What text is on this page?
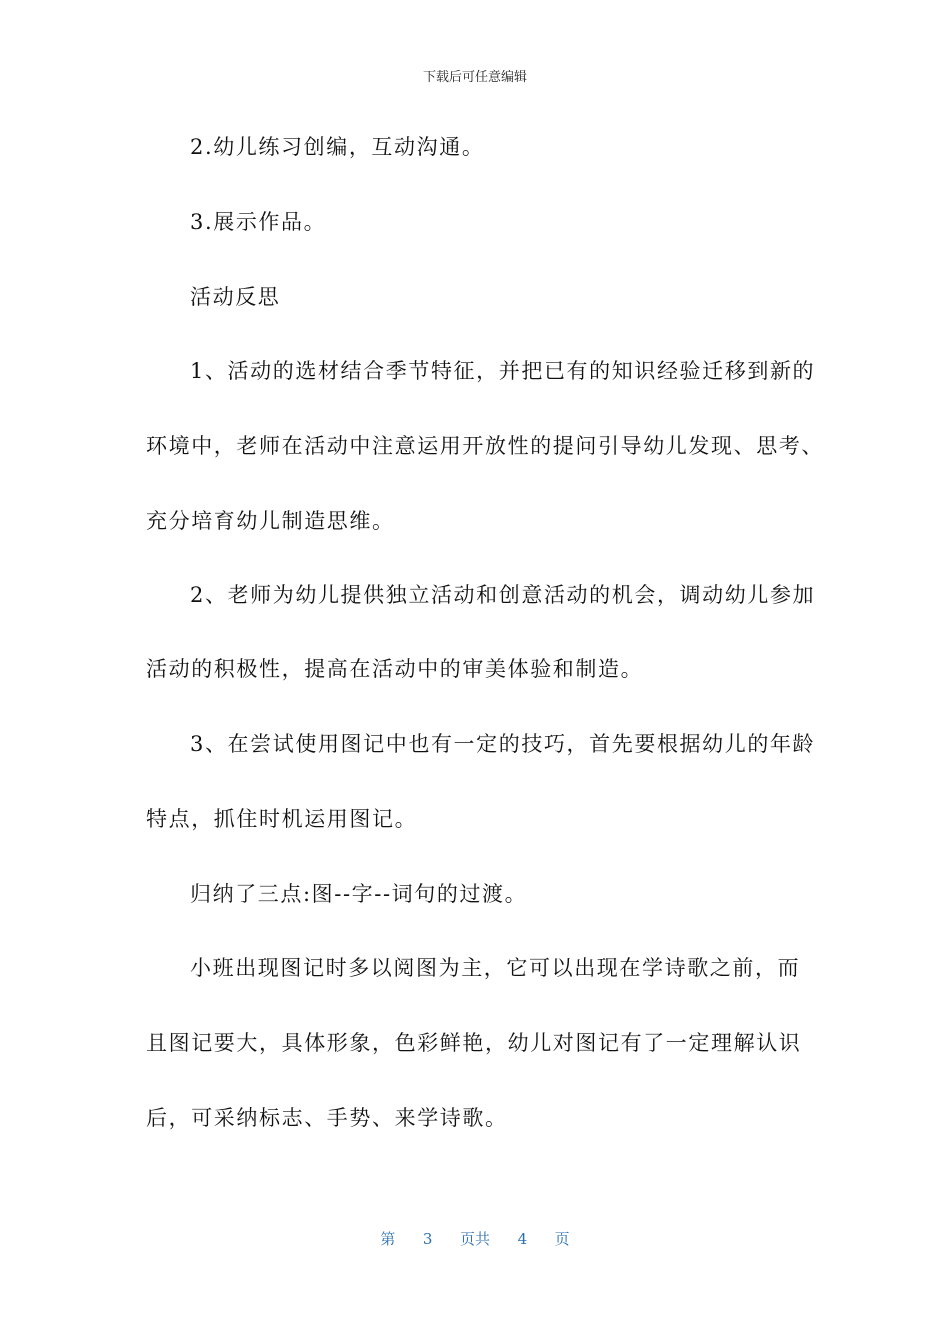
下载后可任意编辑
2.幼儿练习创编，互动沟通。
3.展示作品。
活动反思
1、活动的选材结合季节特征，并把已有的知识经验迁移到新的
环境中，老师在活动中注意运用开放性的提问引导幼儿发现、思考、
充分培育幼儿制造思维。
2、老师为幼儿提供独立活动和创意活动的机会，调动幼儿参加
活动的积极性，提高在活动中的审美体验和制造。
3、在尝试使用图记中也有一定的技巧，首先要根据幼儿的年龄
特点，抓住时机运用图记。
归纳了三点:图--字--词句的过渡。
小班出现图记时多以阅图为主，它可以出现在学诗歌之前，而
且图记要大，具体形象，色彩鲜艳，幼儿对图记有了一定理解认识
后，可采纳标志、手势、来学诗歌。
第 3 页共 4 页
